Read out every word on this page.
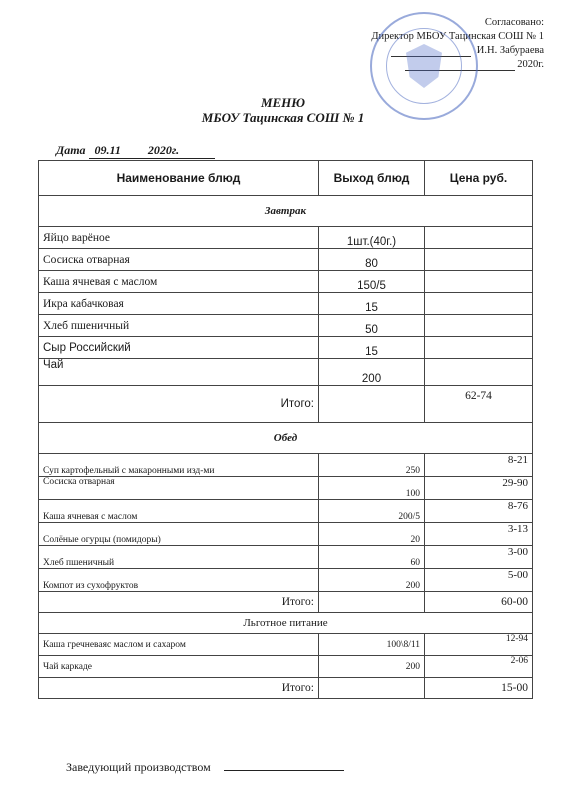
Согласовано:
Директор МБОУ Тацинская СОШ № 1
И.Н. Забураева
2020г.
МЕНЮ
МБОУ Тацинская СОШ № 1
Дата 09.11 2020г.
Наименование блюд	Выход блюд	Цена руб.
Завтрак		
Яйцо варёное	1шт.(40г.)	
Сосиска отварная	80	
Каша ячневая с маслом	150/5	
Икра кабачковая	15	
Хлеб пшеничный	50	
Сыр Российский	15	
Чай	200	
Итого:		62-74
Обед		
Суп картофельный с макаронными изд-ми	250	8-21
Сосиска отварная	100	29-90
Каша ячневая с маслом	200/5	8-76
Солёные огурцы (помидоры)	20	3-13
Хлеб пшеничный	60	3-00
Компот из сухофруктов	200	5-00
Итого:		60-00
Льготное питание		
Каша гречневаяс маслом и сахаром	100\8/11	12-94
Чай каркаде	200	2-06
Итого:		15-00
Заведующий производством
